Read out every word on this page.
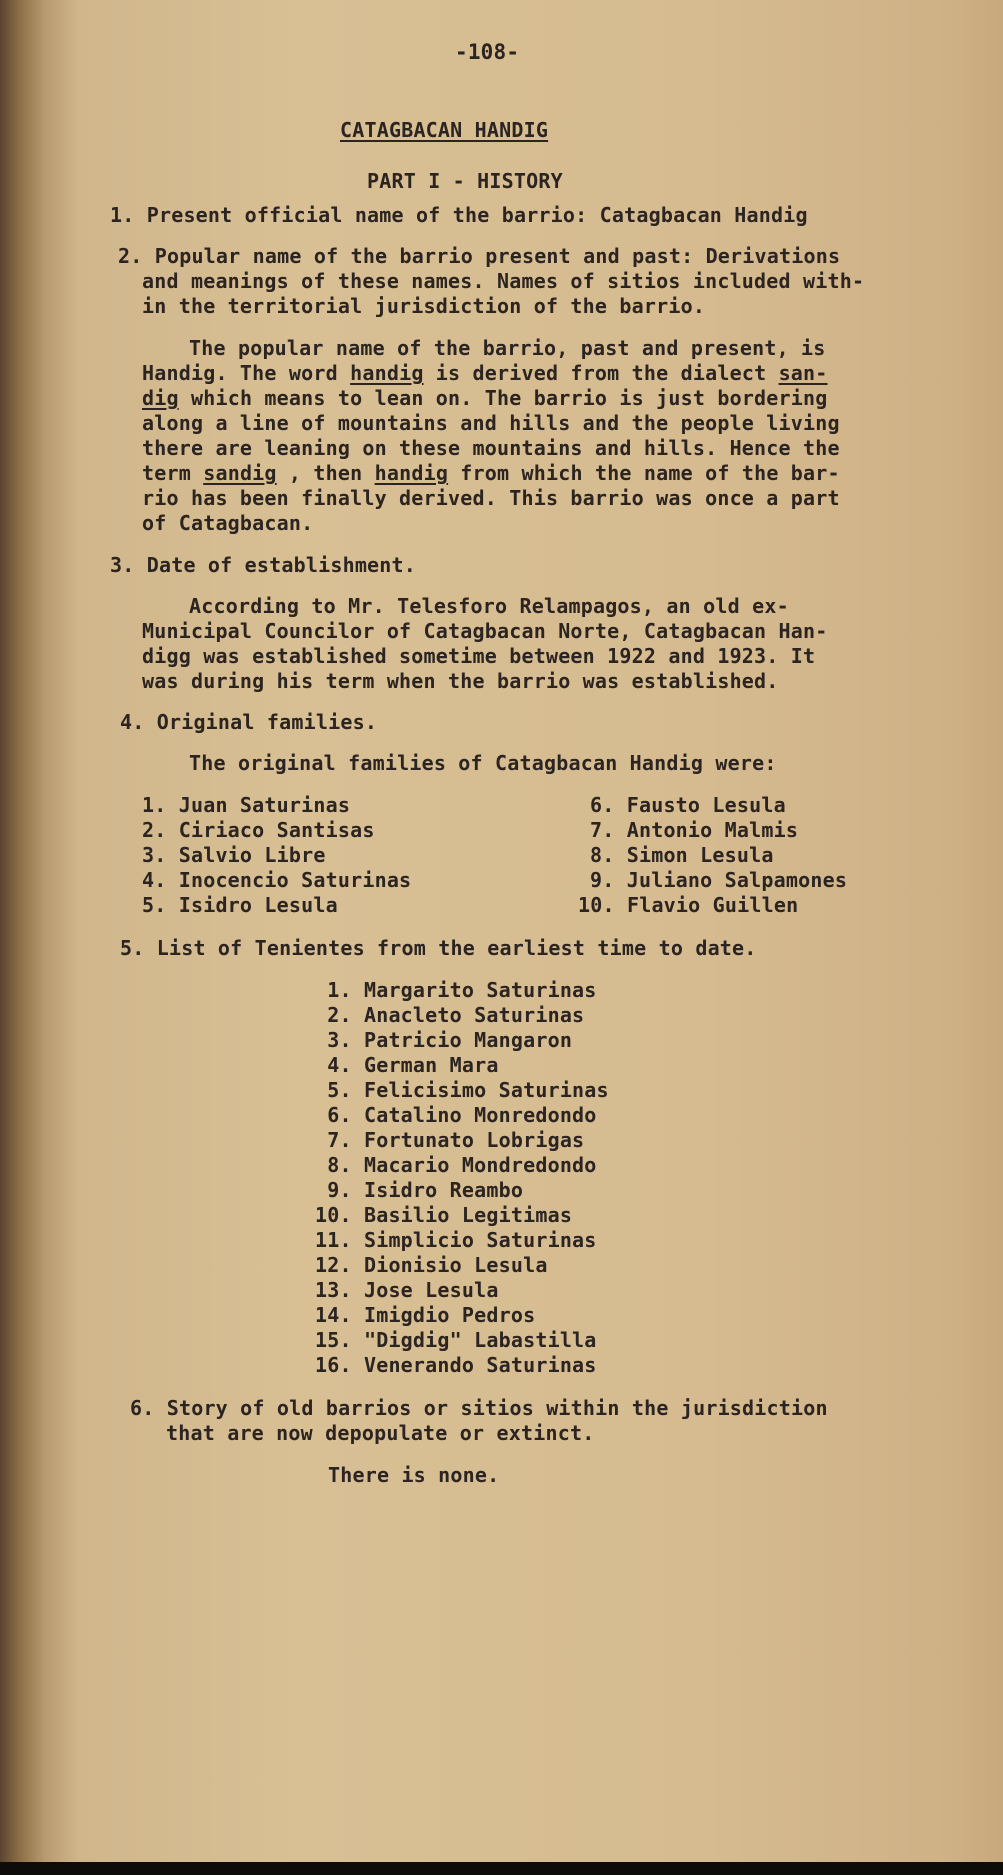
-108-
CATAGBACAN HANDIG
PART I - HISTORY
1. Present official name of the barrio: Catagbacan Handig
2. Popular name of the barrio present and past: Derivations
and meanings of these names. Names of sitios included with-
in the territorial jurisdiction of the barrio.
The popular name of the barrio, past and present, is
Handig. The word handig is derived from the dialect san-
dig which means to lean on. The barrio is just bordering
along a line of mountains and hills and the people living
there are leaning on these mountains and hills. Hence the
term sandig , then handig from which the name of the bar-
rio has been finally derived. This barrio was once a part
of Catagbacan.
3. Date of establishment.
According to Mr. Telesforo Relampagos, an old ex-
Municipal Councilor of Catagbacan Norte, Catagbacan Han-
digg was established sometime between 1922 and 1923. It
was during his term when the barrio was established.
4. Original families.
The original families of Catagbacan Handig were:
1. Juan Saturinas
2. Ciriaco Santisas
3. Salvio Libre
4. Inocencio Saturinas
5. Isidro Lesula
6. Fausto Lesula
7. Antonio Malmis
8. Simon Lesula
9. Juliano Salpamones
10. Flavio Guillen
5. List of Tenientes from the earliest time to date.
1. Margarito Saturinas
2. Anacleto Saturinas
3. Patricio Mangaron
4. German Mara
5. Felicisimo Saturinas
6. Catalino Monredondo
7. Fortunato Lobrigas
8. Macario Mondredondo
9. Isidro Reambo
10. Basilio Legitimas
11. Simplicio Saturinas
12. Dionisio Lesula
13. Jose Lesula
14. Imigdio Pedros
15. "Digdig" Labastilla
16. Venerando Saturinas
6. Story of old barrios or sitios within the jurisdiction
that are now depopulate or extinct.
There is none.
